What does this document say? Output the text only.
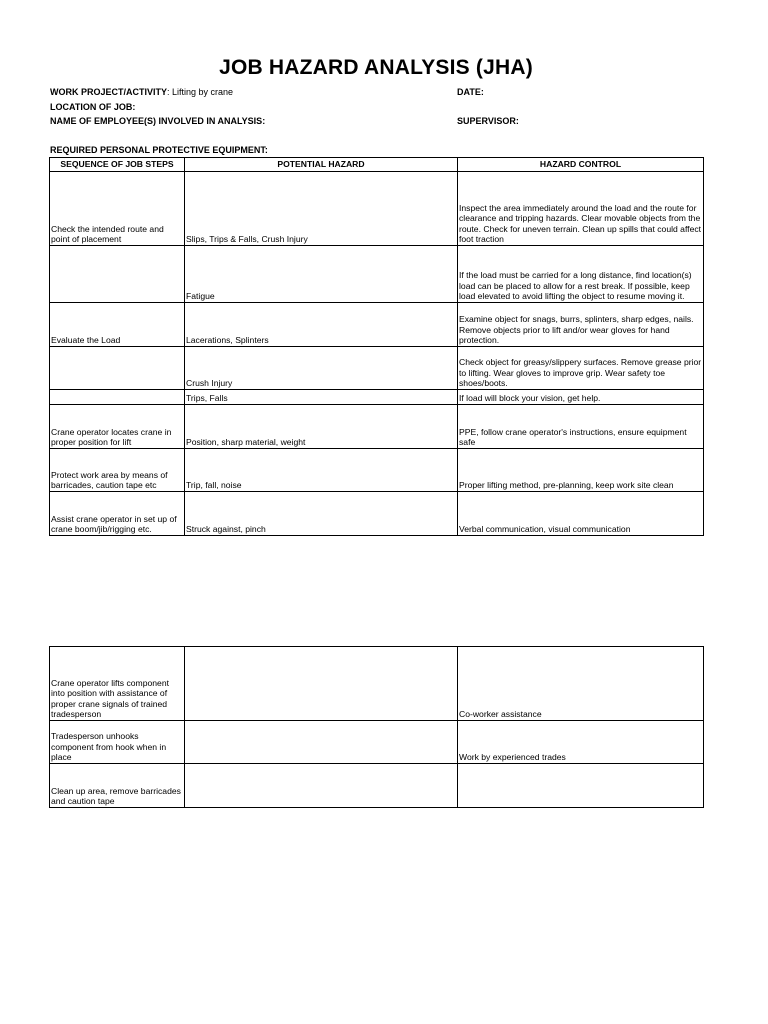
JOB HAZARD ANALYSIS (JHA)
WORK PROJECT/ACTIVITY: Lifting by crane	DATE:
LOCATION OF JOB:
NAME OF EMPLOYEE(S) INVOLVED IN ANALYSIS:	SUPERVISOR:
REQUIRED PERSONAL PROTECTIVE EQUIPMENT:
SEQUENCE OF JOB STEPS	POTENTIAL HAZARD	HAZARD CONTROL
Check the intended route and point of placement	Slips, Trips & Falls, Crush Injury	Inspect the area immediately around the load and the route for clearance and tripping hazards. Clear movable objects from the route. Check for uneven terrain. Clean up spills that could affect foot traction
	Fatigue	If the load must be carried for a long distance, find location(s) load can be placed to allow for a rest break. If possible, keep load elevated to avoid lifting the object to resume moving it.
Evaluate the Load	Lacerations, Splinters	Examine object for snags, burrs, splinters, sharp edges, nails. Remove objects prior to lift and/or wear gloves for hand protection.
	Crush Injury	Check object for greasy/slippery surfaces. Remove grease prior to lifting. Wear gloves to improve grip. Wear safety toe shoes/boots.
	Trips, Falls	If load will block your vision, get help.
Crane operator locates crane in proper position for lift	Position, sharp material, weight	PPE, follow crane operator's instructions, ensure equipment safe
Protect work area by means of barricades, caution tape etc	Trip, fall, noise	Proper lifting method, pre-planning, keep work site clean
Assist crane operator in set up of crane boom/jib/rigging etc.	Struck against, pinch	Verbal communication, visual communication
Crane operator lifts component into position with assistance of proper crane signals of trained tradesperson		Co-worker assistance
Tradesperson unhooks component from hook when in place		Work by experienced trades
Clean up area, remove barricades and caution tape		
